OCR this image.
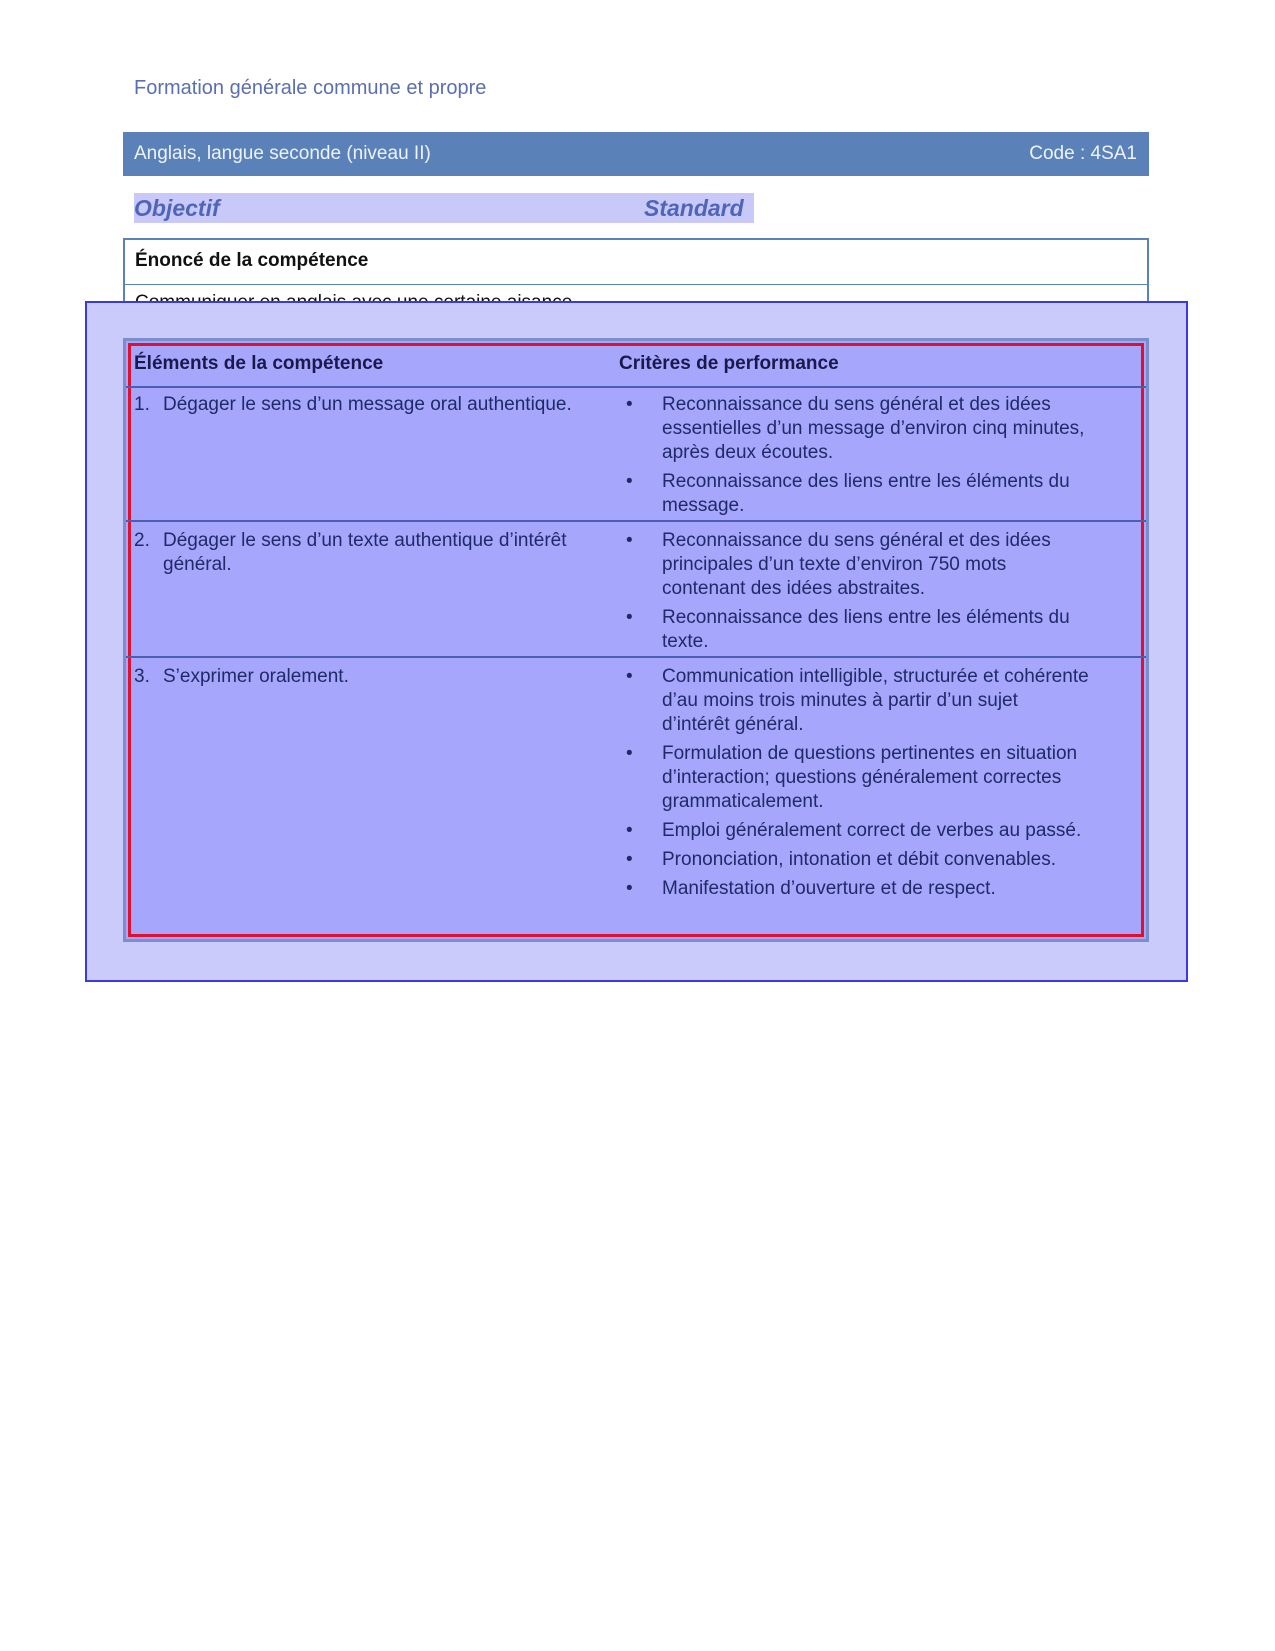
Formation générale commune et propre
Anglais, langue seconde (niveau II)	Code : 4SA1
Objectif	Standard
Énoncé de la compétence
Éléments de la compétence	Critères de performance
1. Dégager le sens d’un message oral authentique.	• Reconnaissance du sens général et des idées essentielles d’un message d’environ cinq minutes, après deux écoutes.
• Reconnaissance des liens entre les éléments du message.
2. Dégager le sens d’un texte authentique d’intérêt général.
• Reconnaissance du sens général et des idées principales d’un texte d’environ 750 mots contenant des idées abstraites.
• Reconnaissance des liens entre les éléments du texte.
3. S’exprimer oralement.	• Communication intelligible, structurée et cohérente d’au moins trois minutes à partir d’un sujet d’intérêt général.
• Formulation de questions pertinentes en situation d’interaction; questions généralement correctes grammaticalement.
• Emploi généralement correct de verbes au passé.
• Prononciation, intonation et débit convenables.
• Manifestation d’ouverture et de respect.
